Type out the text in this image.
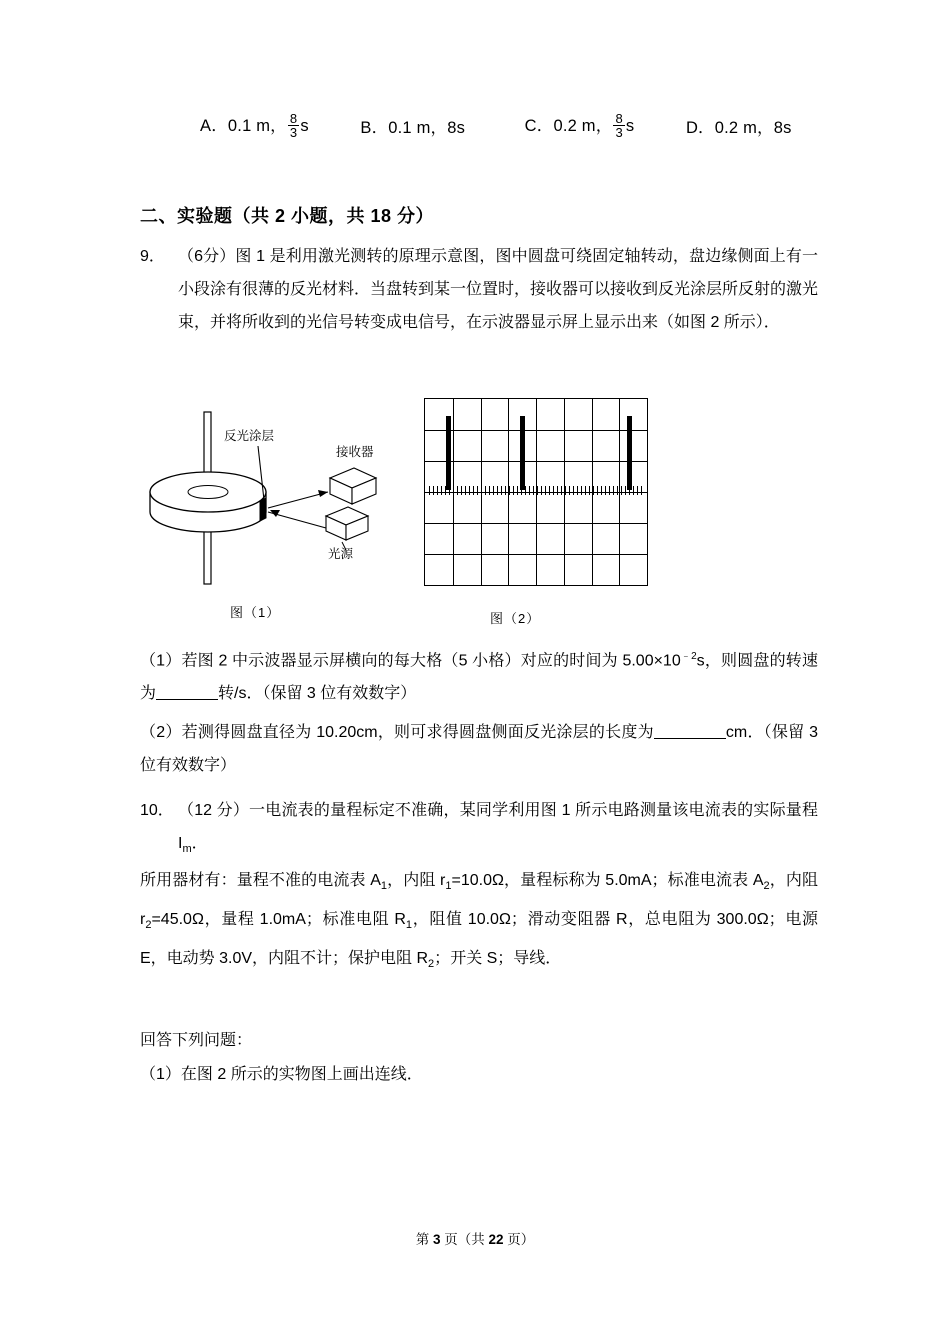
A．0.1 m， $\frac{8}{3}$ s	B．0.1 m，8s	C．0.2 m， $\frac{8}{3}$ s	D．0.2 m，8s
二、实验题（共 2 小题，共 18 分）
9． （6分）图 1 是利用激光测转的原理示意图，图中圆盘可绕固定轴转动，盘边缘侧面上有一小段涂有很薄的反光材料．当盘转到某一位置时，接收器可以接收到反光涂层所反射的激光束，并将所收到的光信号转变成电信号，在示波器显示屏上显示出来（如图 2 所示）．
反光涂层
接收器
光源
图（1）	图（2）
（1）若图 2 中示波器显示屏横向的每大格（5 小格）对应的时间为 $5.00\times 10^{﹣2}s$，则圆盘的转速为	转/s．（保留 3 位有效数字）
（2）若测得圆盘直径为 10.20cm，则可求得圆盘侧面反光涂层的长度为	cm．（保留 3 位有效数字）
10． （12 分）一电流表的量程标定不准确，某同学利用图 1 所示电路测量该电流表的实际量程 $I_m$．
所用器材有：量程不准的电流表 $A_1$，内阻 $r_1=10.0\Omega$，量程标称为 5.0mA；标准电流表 $A_2$，内阻 $r_2=45.0\Omega$，量程 1.0mA；标准电阻 $R_1$，阻值 10.0Ω；滑动变阻器 R，总电阻为 300.0Ω；电源 E，电动势 3.0V，内阻不计；保护电阻 $R_2$；开关 S；导线．
回答下列问题：
（1）在图 2 所示的实物图上画出连线．
第 3 页（共 22 页）
